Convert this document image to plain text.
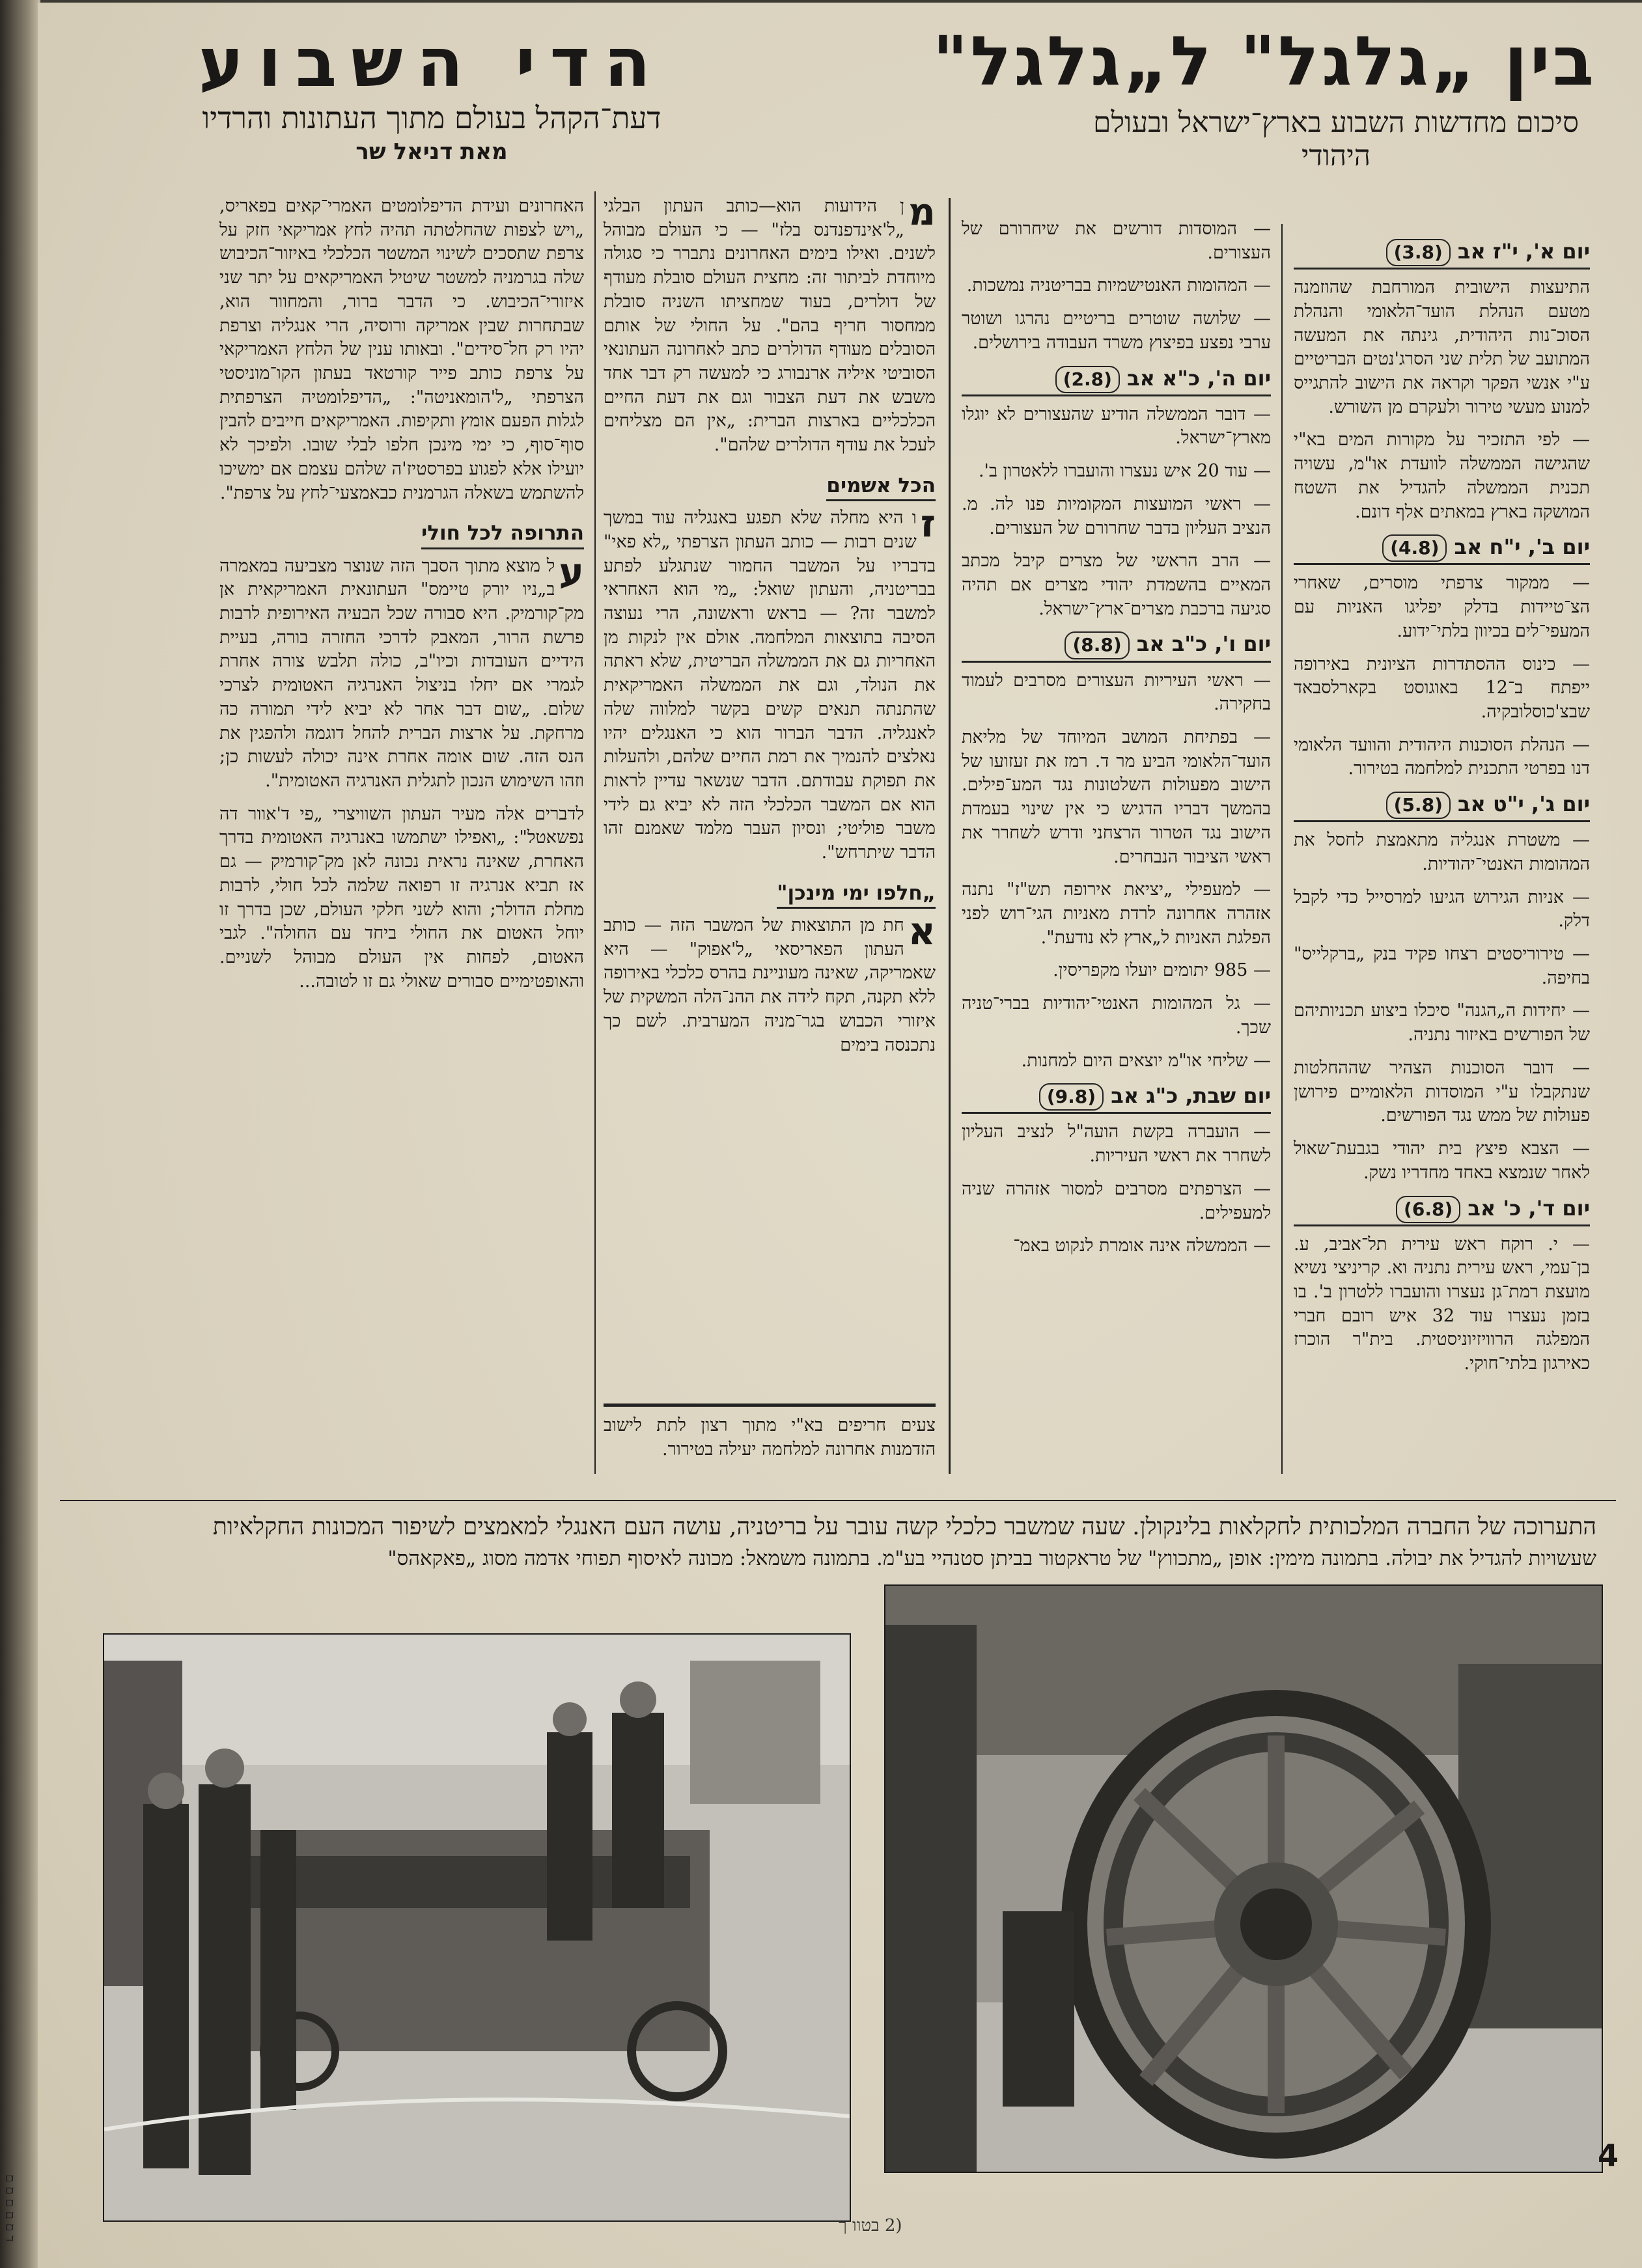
ד ם ם ם ם ם
בין „גלגל" ל„גלגל"
סיכום מחדשות השבוע בארץ־ישראל ובעולם היהודי
הדי השבוע
דעת־הקהל בעולם מתוך העתונות והרדיו
מאת דניאל שר
יום א', י"ז אב (3.8)

התיעצות הישובית המורחבת שהוזמנה מטעם הנהלת הועד־הלאומי והנהלת הסוכ־נות היהודית, גינתה את המעשה המתועב של תלית שני הסרג'נטים הבריטיים ע"י אנשי הפקר וקראה את הישוב להתגייס למנוע מעשי טירור ולעקרם מן השורש.

— לפי התזכיר על מקורות המים בא"י שהגישה הממשלה לוועדת או"מ, עשויה תכנית הממשלה להגדיל את השטח המושקה בארץ במאתים אלף דונם.

יום ב', י"ח אב (4.8)

— ממקור צרפתי מוסרים, שאחרי הצ־טיידות בדלק יפליגו האניות עם המעפי־לים בכיוון בלתי־ידוע.

— כינוס ההסתדרות הציונית באירופה ייפתח ב־12 באוגוסט בקארלסבאד שבצ'כוסלובקיה.

— הנהלת הסוכנות היהודית והוועד הלאומי דנו בפרטי התכנית למלחמה בטירור.

יום ג', י"ט אב (5.8)

— משטרת אנגליה מתאמצת לחסל את המהומות האנטי־יהודיות.

— אניות הגירוש הגיעו למרסייל כדי לקבל דלק.

— טירוריסטים רצחו פקיד בנק „ברקלייס" בחיפה.

— יחידות ה„הגנה" סיכלו ביצוע תכניותיהם של הפורשים באיזור נתניה.

— דובר הסוכנות הצהיר שההחלטות שנתקבלו ע"י המוסדות הלאומיים פירושן פעולות של ממש נגד הפורשים.

— הצבא פיצץ בית יהודי בגבעת־שאול לאחר שנמצא באחד מחדריו נשק.

יום ד', כ' אב (6.8)

— י. רוקח ראש עירית תל־אביב, ע. בן־עמי, ראש עירית נתניה וא. קריניצי נשיא מועצת רמת־גן נעצרו והועברו ללטרון ב'. בו בזמן נעצרו עוד 32 איש רובם חברי המפלגה הרוויזיוניסטית. בית"ר הוכרז כאירגון בלתי־חוקי.

— המוסדות דורשים את שיחרורם של העצורים.

— המהומות האנטישמיות בבריטניה נמשכות.

— שלושה שוטרים בריטיים נהרגו ושוטר ערבי נפצע בפיצוץ משרד העבודה בירושלים.

יום ה', כ"א אב (2.8)

— דובר הממשלה הודיע שהעצורים לא יוגלו מארץ־ישראל.

— עוד 20 איש נעצרו והועברו ללאטרון ב'.

— ראשי המועצות המקומיות פנו לה. מ. הנציב העליון בדבר שחרורם של העצורים.

— הרב הראשי של מצרים קיבל מכתב המאיים בהשמדת יהודי מצרים אם תהיה סגיעה ברכבת מצרים־ארץ־ישראל.

יום ו', כ"ב אב (8.8)

— ראשי העיריות העצורים מסרבים לעמוד בחקירה.

— בפתיחת המושב המיוחד של מליאת הועד־הלאומי הביע מר ד. רמז את זעזועו של הישוב מפעולות השלטונות נגד המע־פילים. בהמשך דבריו הדגיש כי אין שינוי בעמדת הישוב נגד הטרור הרצחני ודרש לשחרר את ראשי הציבור הנבחרים.

— למעפילי „יציאת אירופה תש"ז" נתנה אזהרה אחרונה לרדת מאניות הגי־רוש לפני הפלגת האניות ל„ארץ לא נודעת".

— 985 יתומים יועלו מקפריסין.

— גל המהומות האנטי־יהודיות בברי־טניה שכך.

— שליחי או"מ יוצאים היום למחנות.

יום שבת, כ"ג אב (9.8)

— הועברה בקשת הועה"ל לנציב העליון לשחרר את ראשי העיריות.

— הצרפתים מסרבים למסור אזהרה שניה למעפילים.

— הממשלה אינה אומרת לנקוט באמ־

מ
ן הידועות הוא—כותב העתון הבלגי „ל'אינדפנדנס בלז" — כי העולם מבוהל לשנים. ואילו בימים האחרונים נתברר כי סגולה מיוחדת לביתור זה: מחצית העולם סובלת מעודף של דולרים, בעוד שמחציתו השניה סובלת ממחסור חריף בהם". על החולי של אותם הסובלים מעודף הדולרים כתב לאחרונה העתונאי הסוביטי איליה ארנבורג כי למעשה רק דבר אחד משבש את דעת הצבור וגם את דעת החיים הכלכליים בארצות הברית: „אין הם מצליחים לעכל את עודף הדולרים שלהם".

הכל אשמים

ז
ו היא מחלה שלא תפגע באנגליה עוד במשך שנים רבות — כותב העתון הצרפתי „לא פאי" בדבריו על המשבר החמור שנתגלע לפתע בבריטניה, והעתון שואל: „מי הוא האחראי למשבר זה? — בראש וראשונה, הרי נעוצה הסיבה בתוצאות המלחמה. אולם אין לנקות מן האחריות גם את הממשלה הבריטית, שלא ראתה את הנולד, וגם את הממשלה האמריקאית שהתנתה תנאים קשים בקשר למלווה שלה לאנגליה. הדבר הברור הוא כי האנגלים יהיו נאלצים להנמיך את רמת החיים שלהם, ולהעלות את תפוקת עבודתם. הדבר שנשאר עדיין לראות הוא אם המשבר הכלכלי הזה לא יביא גם לידי משבר פוליטי; ונסיון העבר מלמד שאמנם זהו הדבר שיתרחש".

„חלפו ימי מינכן"

א
חת מן התוצאות של המשבר הזה — כותב העתון הפאריסאי „ל'אפוק" — היא שאמריקה, שאינה מעוניינת בהרס כלכלי באירופה ללא תקנה, תקח לידה את ההנ־הלה המשקית של איזורי הכבוש בגר־מניה המערבית. לשם כך נתכנסה בימים

האחרונים ועידת הדיפלומטים האמרי־קאים בפאריס, „ויש לצפות שהחלטתה תהיה לחץ אמריקאי חזק על צרפת שתסכים לשינוי המשטר הכלכלי באיזור־הכיבוש שלה בגרמניה למשטר שיטיל האמריקאים על יתר שני איזורי־הכיבוש. כי הדבר ברור, והמחוור הוא, שבתחרות שבין אמריקה ורוסיה, הרי אנגליה וצרפת יהיו רק חל־סידים". ובאותו ענין של הלחץ האמריקאי על צרפת כותב פייר קורטאד בעתון הקו־מוניסטי הצרפתי „ל'הומאניטה": „הדיפלומטיה הצרפתית לגלות הפעם אומץ ותקיפות. האמריקאים חייבים להבין סוף־סוף, כי ימי מינכן חלפו לבלי שובו. ולפיכך לא יועילו אלא לפגוע בפרסטיז'ה שלהם עצמם אם ימשיכו להשתמש בשאלה הגרמנית כבאמצעי־לחץ על צרפת".

התרופה לכל חולי

ע
ל מוצא מתוך הסבך הזה שנוצר מצביעה במאמרה ב„ניו יורק טיימס" העתונאית האמריקאית אן מק־קורמיק. היא סבורה שכל הבעיה האירופית לרבות פרשת הרור, המאבק לדרכי החזרה בורה, בעיית הידיים העובדות וכיו"ב, כולה תלבש צורה אחרת לגמרי אם יחלו בניצול האנרגיה האטומית לצרכי שלום. „שום דבר אחר לא יביא לידי תמורה כה מרחקת. על ארצות הברית להחל דוגמה ולהפגין את הנס הזה. שום אומה אחרת אינה יכולה לעשות כן; וזהו השימוש הנכון לתגלית האנרגיה האטומית".

לדברים אלה מעיר העתון השוויצרי „פי ד'אוור דה נפשאטל": „ואפילו ישתמשו באנרגיה האטומית בדרך האחרת, שאינה נראית נכונה לאן מק־קורמיק — גם אז תביא אנרגיה זו רפואה שלמה לכל חולי, לרבות מחלת הדולר; והוא לשני חלקי העולם, שכן בדרך זו יוחל האטום את החולי ביחד עם החולה". לגבי האטום, לפחות אין העולם מבוהל לשניים. והאופטימיים סבורים שאולי גם זו לטובה...

צעים חריפים בא"י מתוך רצון לתת לישוב הזדמנות אחרונה למלחמה יעילה בטירור.

התערוכה של החברה המלכותית לחקלאות בלינקולן. שעה שמשבר כלכלי קשה עובר על בריטניה, עושה העם האנגלי למאמצים לשיפור המכונות החקלאיות
שעשויות להגדיל את יבולה. בתמונה מימין: אופן „מתכווץ" של טראקטור בביתן סטנהיי בע"מ. בתמונה משמאל: מכונה לאיסוף תפוחי אדמה מסוג „פאקאהס"
4
(2 בטוו ך
